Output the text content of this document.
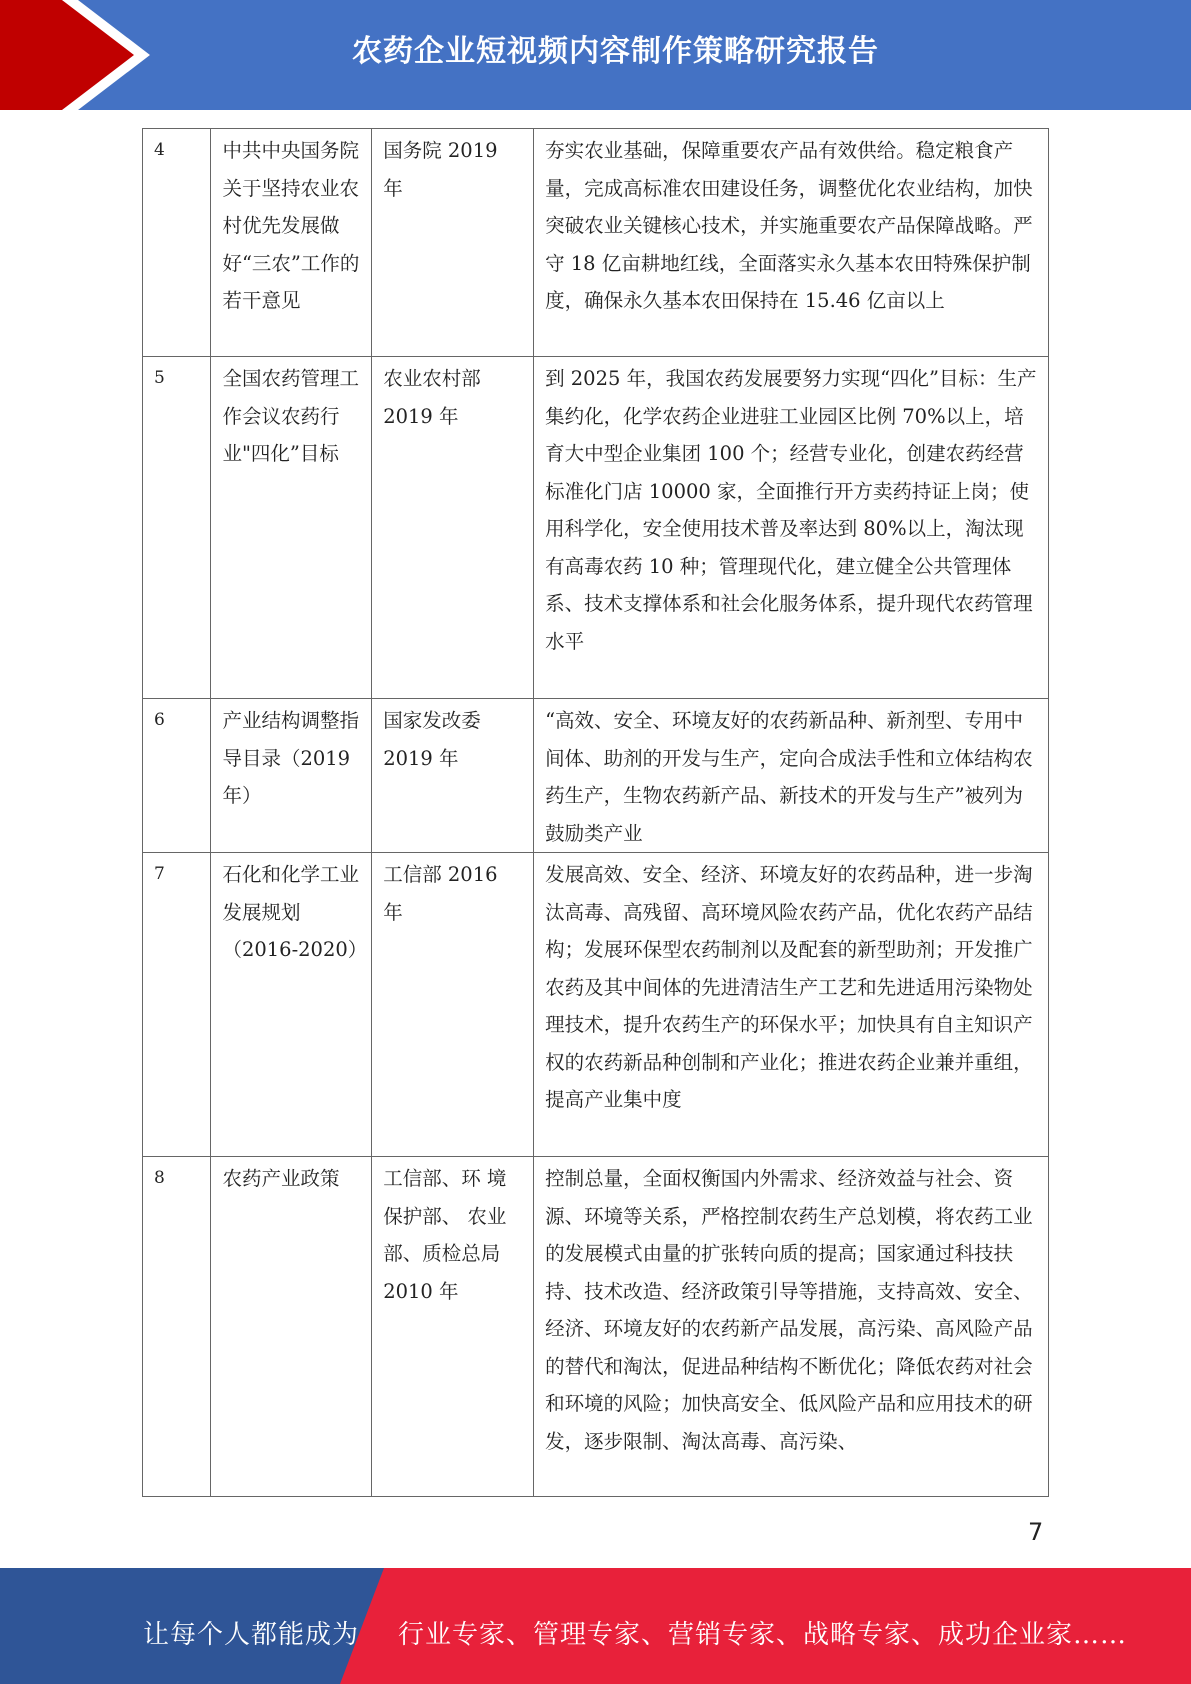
农药企业短视频内容制作策略研究报告
4	中共中央国务院关于坚持农业农村优先发展做好“三农”工作的若干意见	国务院 2019 年	夯实农业基础，保障重要农产品有效供给。稳定粮食产量，完成高标准农田建设任务，调整优化农业结构，加快突破农业关键核心技术，并实施重要农产品保障战略。严守 18 亿亩耕地红线，全面落实永久基本农田特殊保护制度，确保永久基本农田保持在 15.46 亿亩以上
5	全国农药管理工作会议农药行业"四化”目标	农业农村部 2019 年	到 2025 年，我国农药发展要努力实现“四化”目标：生产集约化，化学农药企业进驻工业园区比例 70%以上，培育大中型企业集团 100 个；经营专业化，创建农药经营标准化门店 10000 家，全面推行开方卖药持证上岗；使用科学化，安全使用技术普及率达到 80%以上，淘汰现有高毒农药 10 种；管理现代化，建立健全公共管理体系、技术支撑体系和社会化服务体系，提升现代农药管理水平
6	产业结构调整指导目录（2019 年）	国家发改委 2019 年	“高效、安全、环境友好的农药新品种、新剂型、专用中间体、助剂的开发与生产，定向合成法手性和立体结构农药生产，生物农药新产品、新技术的开发与生产”被列为鼓励类产业
7	石化和化学工业发展规划（2016-2020）	工信部 2016 年	发展高效、安全、经济、环境友好的农药品种，进一步淘汰高毒、高残留、高环境风险农药产品，优化农药产品结构；发展环保型农药制剂以及配套的新型助剂；开发推广农药及其中间体的先进清洁生产工艺和先进适用污染物处理技术，提升农药生产的环保水平；加快具有自主知识产权的农药新品种创制和产业化；推进农药企业兼并重组，提高产业集中度
8	农药产业政策	工信部、环 境保护部、 农业部、质检总局 2010 年	控制总量，全面权衡国内外需求、经济效益与社会、资源、环境等关系，严格控制农药生产总划模，将农药工业的发展模式由量的扩张转向质的提高；国家通过科技扶持、技术改造、经济政策引导等措施，支持高效、安全、经济、环境友好的农药新产品发展，高污染、高风险产品的替代和淘汰，促进品种结构不断优化；降低农药对社会和环境的风险；加快高安全、低风险产品和应用技术的研发，逐步限制、淘汰高毒、高污染、
7
让每个人都能成为 行业专家、管理专家、营销专家、战略专家、成功企业家……
